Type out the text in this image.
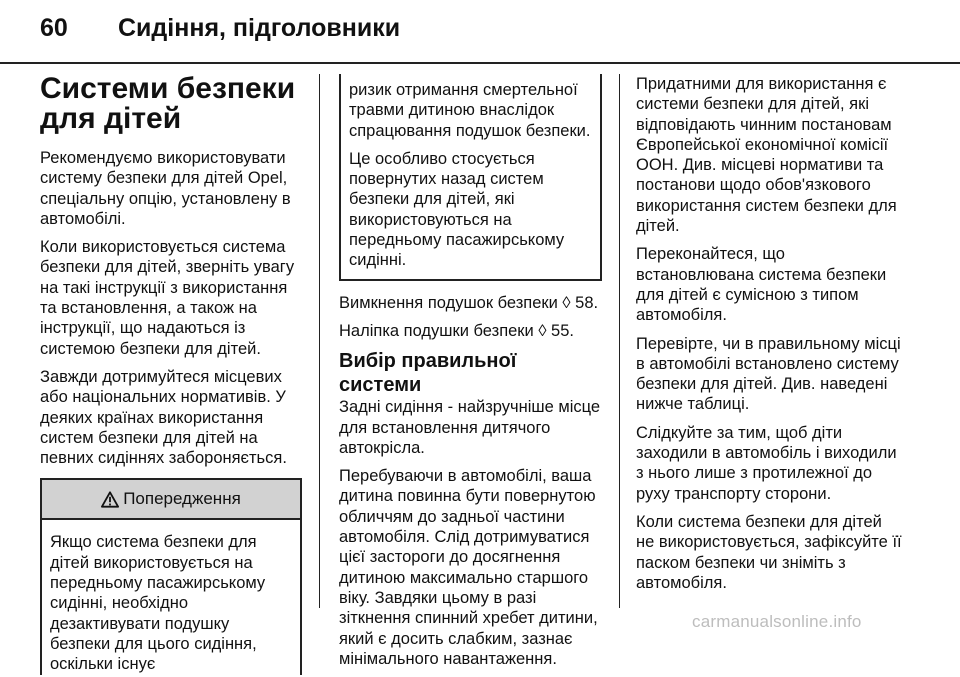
60 Сидіння, підголовники
Системи безпеки для дітей

Рекомендуємо використовувати систему безпеки для дітей Opel, спеціальну опцію, установлену в автомобілі.

Коли використовується система безпеки для дітей, зверніть увагу на такі інструкції з використання та встановлення, а також на інструкції, що надаються із системою безпеки для дітей.

Завжди дотримуйтеся місцевих або національних нормативів. У деяких країнах використання систем безпеки для дітей на певних сидіннях забороняється.

Попередження
Якщо система безпеки для дітей використовується на передньому пасажирському сидінні, необхідно дезактивувати подушку безпеки для цього сидіння, оскільки існує

ризик отримання смертельної травми дитиною внаслідок спрацювання подушок безпеки.

Це особливо стосується повернутих назад систем безпеки для дітей, які використовуються на передньому пасажирському сидінні.

Вимкнення подушок безпеки ◊ 58.

Наліпка подушки безпеки ◊ 55.

Вибір правильної системи

Задні сидіння - найзручніше місце для встановлення дитячого автокрісла.

Перебуваючи в автомобілі, ваша дитина повинна бути повернутою обличчям до задньої частини автомобіля. Слід дотримуватися цієї застороги до досягнення дитиною максимально старшого віку. Завдяки цьому в разі зіткнення спинний хребет дитини, який є досить слабким, зазнає мінімального навантаження.

Придатними для використання є системи безпеки для дітей, які відповідають чинним постановам Європейської економічної комісії ООН. Див. місцеві нормативи та постанови щодо обов'язкового використання систем безпеки для дітей.

Переконайтеся, що встановлювана система безпеки для дітей є сумісною з типом автомобіля.

Перевірте, чи в правильному місці в автомобілі встановлено систему безпеки для дітей. Див. наведені нижче таблиці.

Слідкуйте за тим, щоб діти заходили в автомобіль і виходили з нього лише з протилежної до руху транспорту сторони.

Коли система безпеки для дітей не використовується, зафіксуйте її паском безпеки чи зніміть з автомобіля.

carmanualsonline.info
